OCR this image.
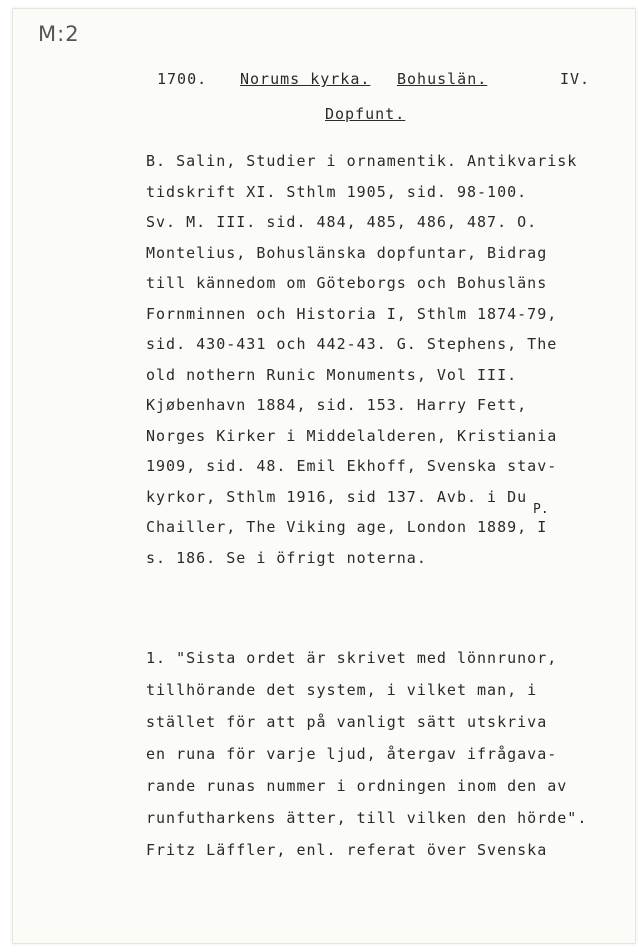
M:2
1700. Norums kyrka. Bohuslän.	IV.
Dopfunt.
B. Salin, Studier i ornamentik. Antikvarisk
tidskrift XI. Sthlm 1905, sid. 98-100.
Sv. M. III. sid. 484, 485, 486, 487. O.
Montelius, Bohuslänska dopfuntar, Bidrag
till kännedom om Göteborgs och Bohusläns
Fornminnen och Historia I, Sthlm 1874-79,
sid. 430-431 och 442-43. G. Stephens, The
old nothern Runic Monuments, Vol III.
Kjøbenhavn 1884, sid. 153. Harry Fett,
Norges Kirker i Middelalderen, Kristiania
1909, sid. 48. Emil Ekhoff, Svenska stav-
kyrkor, Sthlm 1916, sid 137. Avb. i Du
Chailler, The Viking age, London 1889, I
s. 186. Se i öfrigt noterna.
P.
1. "Sista ordet är skrivet med lönnrunor,
tillhörande det system, i vilket man, i
stället för att på vanligt sätt utskriva
en runa för varje ljud, återgav ifrågava-
rande runas nummer i ordningen inom den av
runfutharkens ätter, till vilken den hörde".
Fritz Läffler, enl. referat över Svenska
